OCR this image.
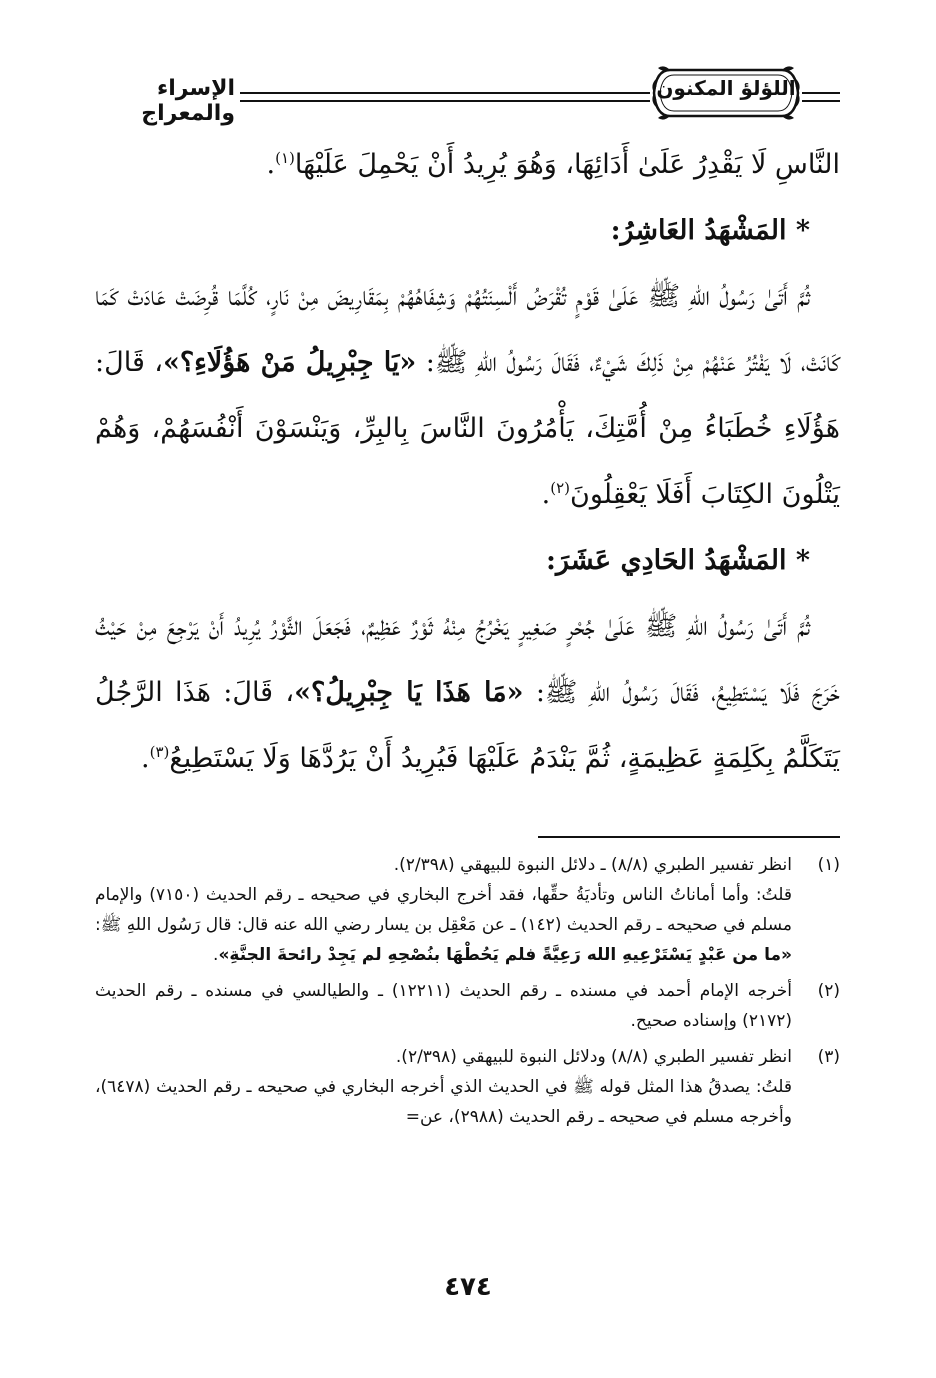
الإسراء والمعراج
اللؤلؤ المكنون

النَّاسِ لَا يَقْدِرُ عَلَىٰ أَدَائِهَا، وَهُوَ يُرِيدُ أَنْ يَحْمِلَ عَلَيْهَا$^{(١)}$.

* المَشْهَدُ العَاشِرُ:

ثُمَّ أَتَىٰ رَسُولُ اللهِ ﷺ عَلَىٰ قَوْمٍ تُقْرَضُ أَلْسِنَتُهُمْ وَشِفَاهُهُمْ بِمَقَارِيضَ مِنْ نَارٍ، كُلَّمَا قُرِضَتْ عَادَتْ كَمَا كَانَتْ، لَا يَفْتُرُ عَنْهُمْ مِنْ ذَلِكَ شَيْءٌ، فَقَالَ رَسُولُ اللهِ ﷺ: «يَا جِبْرِيلُ مَنْ هَؤُلَاءِ؟»، قَالَ: هَؤُلَاءِ خُطَبَاءُ مِنْ أُمَّتِكَ، يَأْمُرُونَ النَّاسَ بِالبِرِّ، وَيَنْسَوْنَ أَنْفُسَهُمْ، وَهُمْ يَتْلُونَ الكِتَابَ أَفَلَا يَعْقِلُونَ$^{(٢)}$.

* المَشْهَدُ الحَادِي عَشَرَ:

ثُمَّ أَتَىٰ رَسُولُ اللهِ ﷺ عَلَىٰ جُحْرٍ صَغِيرٍ يَخْرُجُ مِنْهُ ثَوْرٌ عَظِيمٌ، فَجَعَلَ الثَّوْرُ يُرِيدُ أَنْ يَرْجِعَ مِنْ حَيْثُ خَرَجَ فَلَا يَسْتَطِيعُ، فَقَالَ رَسُولُ اللهِ ﷺ: «مَا هَذَا يَا جِبْرِيلُ؟»، قَالَ: هَذَا الرَّجُلُ يَتَكَلَّمُ بِكَلِمَةٍ عَظِيمَةٍ، ثُمَّ يَنْدَمُ عَلَيْهَا فَيُرِيدُ أَنْ يَرُدَّهَا وَلَا يَسْتَطِيعُ$^{(٣)}$.

(١)
انظر تفسير الطبري (٨/٨) ـ دلائل النبوة للبيهقي (٢/٣٩٨).
قلتُ: وأما أماناتُ الناس وتأديَةُ حقِّها، فقد أخرج البخاري في صحيحه ـ رقم الحديث (٧١٥٠) والإمام مسلم في صحيحه ـ رقم الحديث (١٤٢) ـ عن مَعْقِل بن يسار رضي الله عنه قال: قال رَسُول اللهِ ﷺ: «ما من عَبْدٍ يَسْتَرْعِيهِ الله رَعِيَّةً فلم يَحُطْهَا بنُصْحِهِ لم يَجِدْ رائحةَ الجنَّةِ».
(٢)
أخرجه الإمام أحمد في مسنده ـ رقم الحديث (١٢٢١١) ـ والطيالسي في مسنده ـ رقم الحديث (٢١٧٢) وإسناده صحيح.
(٣)
انظر تفسير الطبري (٨/٨) ودلائل النبوة للبيهقي (٢/٣٩٨).
قلتُ: يصدقُ هذا المثل قوله ﷺ في الحديث الذي أخرجه البخاري في صحيحه ـ رقم الحديث (٦٤٧٨)، وأخرجه مسلم في صحيحه ـ رقم الحديث (٢٩٨٨)، عن=
٤٧٤
